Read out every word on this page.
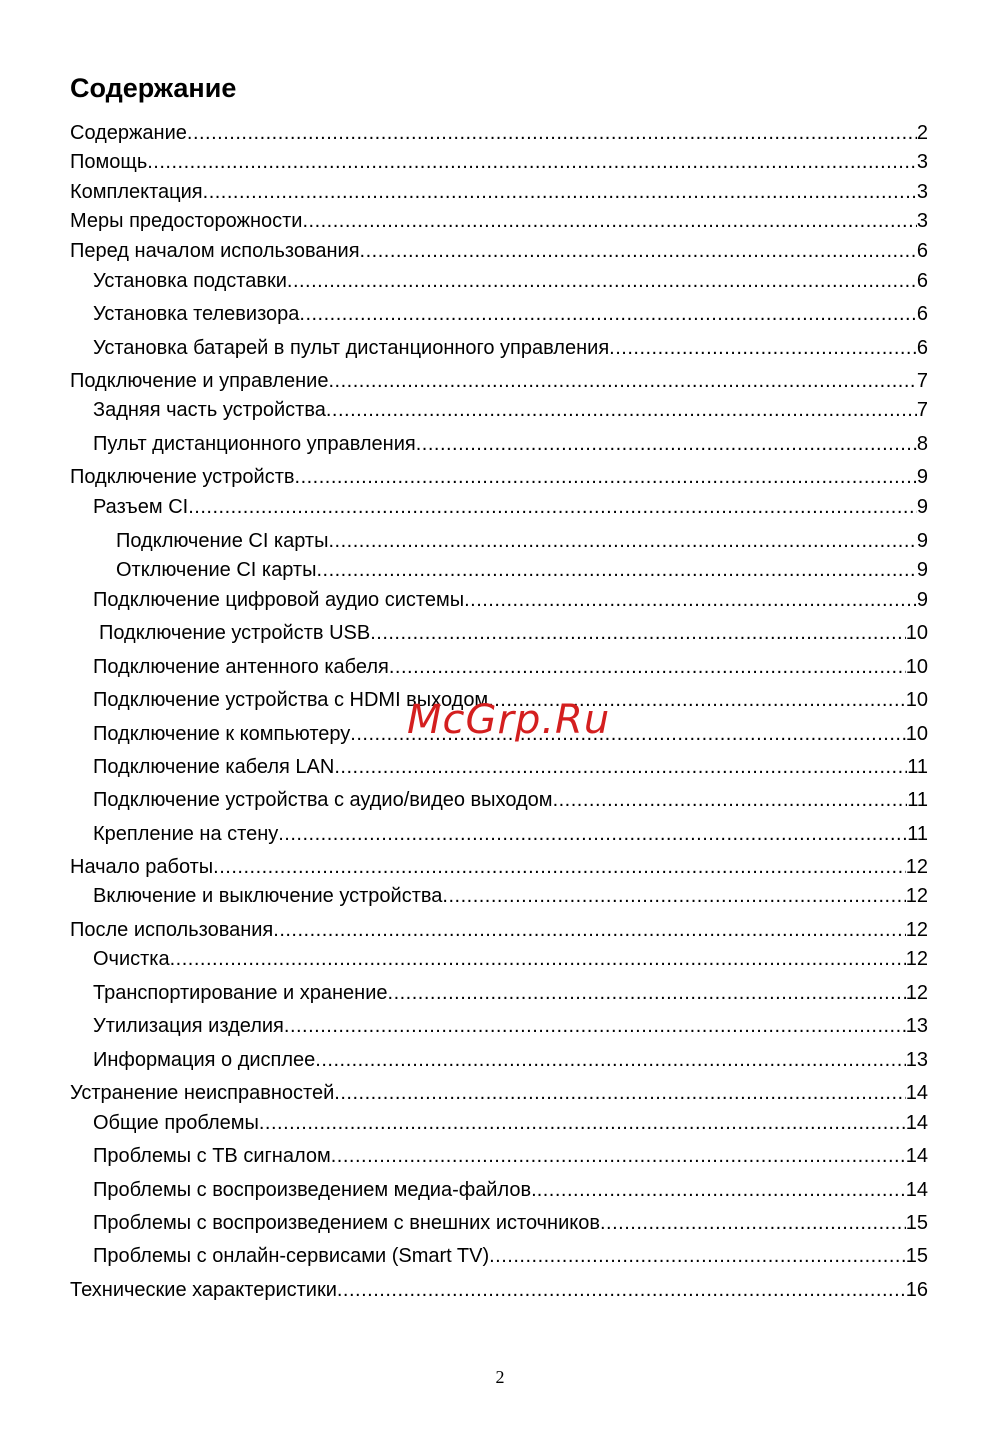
Содержание
Содержание .....	2
Помощь .....	3
Комплектация .....	3
Меры предосторожности .....	3
Перед началом использования .....	6
Установка подставки .....	6
Установка телевизора .....	6
Установка батарей в пульт дистанционного управления .....	6
Подключение и управление .....	7
Задняя часть устройства .....	7
Пульт дистанционного управления .....	8
Подключение устройств .....	9
Разъем CI .....	9
Подключение CI карты .....	9
Отключение CI карты .....	9
Подключение цифровой аудио системы .....	9
Подключение устройств USB .....	10
Подключение антенного кабеля .....	10
Подключение устройства с HDMI выходом .....	10
Подключение к компьютеру .....	10
Подключение кабеля LAN .....	11
Подключение устройства с аудио/видео выходом .....	11
Крепление на стену .....	11
Начало работы .....	12
Включение и выключение устройства .....	12
После использования .....	12
Очистка .....	12
Транспортирование и хранение .....	12
Утилизация изделия .....	13
Информация о дисплее .....	13
Устранение неисправностей .....	14
Общие проблемы .....	14
Проблемы с ТВ сигналом .....	14
Проблемы с воспроизведением медиа-файлов. .....	14
Проблемы с воспроизведением с внешних источников .....	15
Проблемы с онлайн-сервисами (Smart TV) .....	15
Технические характеристики .....	16
McGrp.Ru
2
